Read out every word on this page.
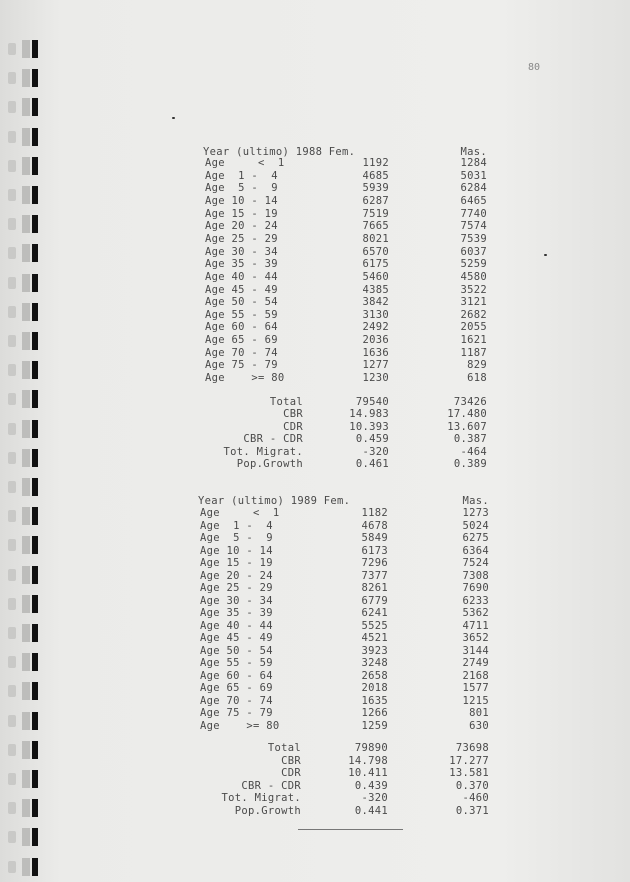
80
Year (ultimo) 1988 Fem.	Mas.
Age     <  1	1192	1284
Age  1 -  4	4685	5031
Age  5 -  9	5939	6284
Age 10 - 14	6287	6465
Age 15 - 19	7519	7740
Age 20 - 24	7665	7574
Age 25 - 29	8021	7539
Age 30 - 34	6570	6037
Age 35 - 39	6175	5259
Age 40 - 44	5460	4580
Age 45 - 49	4385	3522
Age 50 - 54	3842	3121
Age 55 - 59	3130	2682
Age 60 - 64	2492	2055
Age 65 - 69	2036	1621
Age 70 - 74	1636	1187
Age 75 - 79	1277	829
Age    >= 80	1230	618
Total	79540	73426
CBR	14.983	17.480
CDR	10.393	13.607
CBR - CDR	0.459	0.387
Tot. Migrat.	-320	-464
Pop.Growth	0.461	0.389
Year (ultimo) 1989 Fem.	Mas.
Age     <  1	1182	1273
Age  1 -  4	4678	5024
Age  5 -  9	5849	6275
Age 10 - 14	6173	6364
Age 15 - 19	7296	7524
Age 20 - 24	7377	7308
Age 25 - 29	8261	7690
Age 30 - 34	6779	6233
Age 35 - 39	6241	5362
Age 40 - 44	5525	4711
Age 45 - 49	4521	3652
Age 50 - 54	3923	3144
Age 55 - 59	3248	2749
Age 60 - 64	2658	2168
Age 65 - 69	2018	1577
Age 70 - 74	1635	1215
Age 75 - 79	1266	801
Age    >= 80	1259	630
Total	79890	73698
CBR	14.798	17.277
CDR	10.411	13.581
CBR - CDR	0.439	0.370
Tot. Migrat.	-320	-460
Pop.Growth	0.441	0.371
